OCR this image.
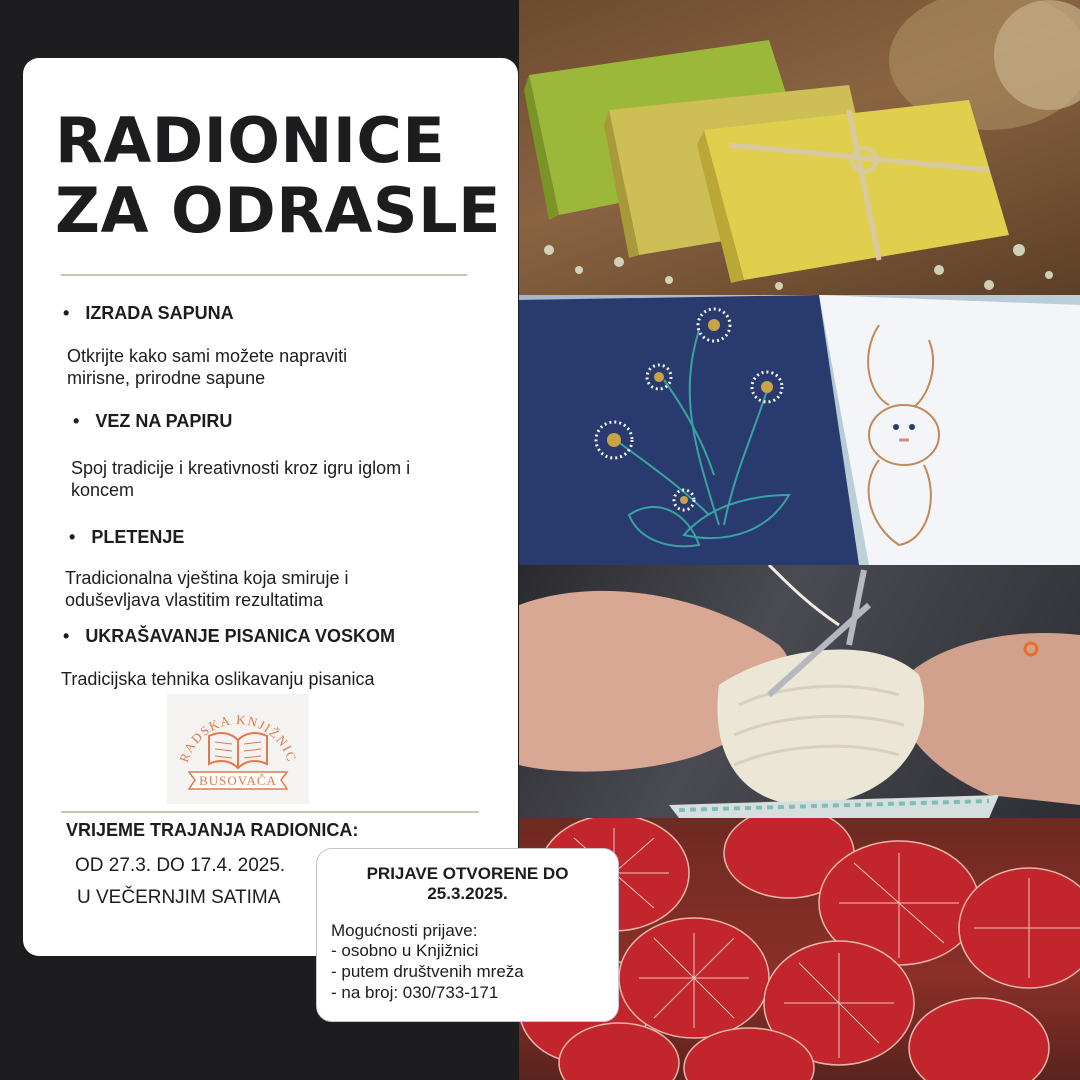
RADIONICE
ZA ODRASLE
• IZRADA SAPUNA
Otkrijte kako sami možete napraviti
mirisne, prirodne sapune
• VEZ NA PAPIRU
Spoj tradicije i kreativnosti kroz igru iglom i
koncem
• PLETENJE
Tradicionalna vještina koja smiruje i
oduševljava vlastitim rezultatima
• UKRAŠAVANJE PISANICA VOSKOM
Tradicijska tehnika oslikavanju pisanica
RADSKA KNJIŽNIC
BUSOVAČA
VRIJEME TRAJANJA RADIONICA:
OD 27.3. DO 17.4. 2025.
U VEČERNJIM SATIMA
PRIJAVE OTVORENE DO
25.3.2025.
Mogućnosti prijave:
- osobno u Knjižnici
- putem društvenih mreža
- na broj: 030/733-171
